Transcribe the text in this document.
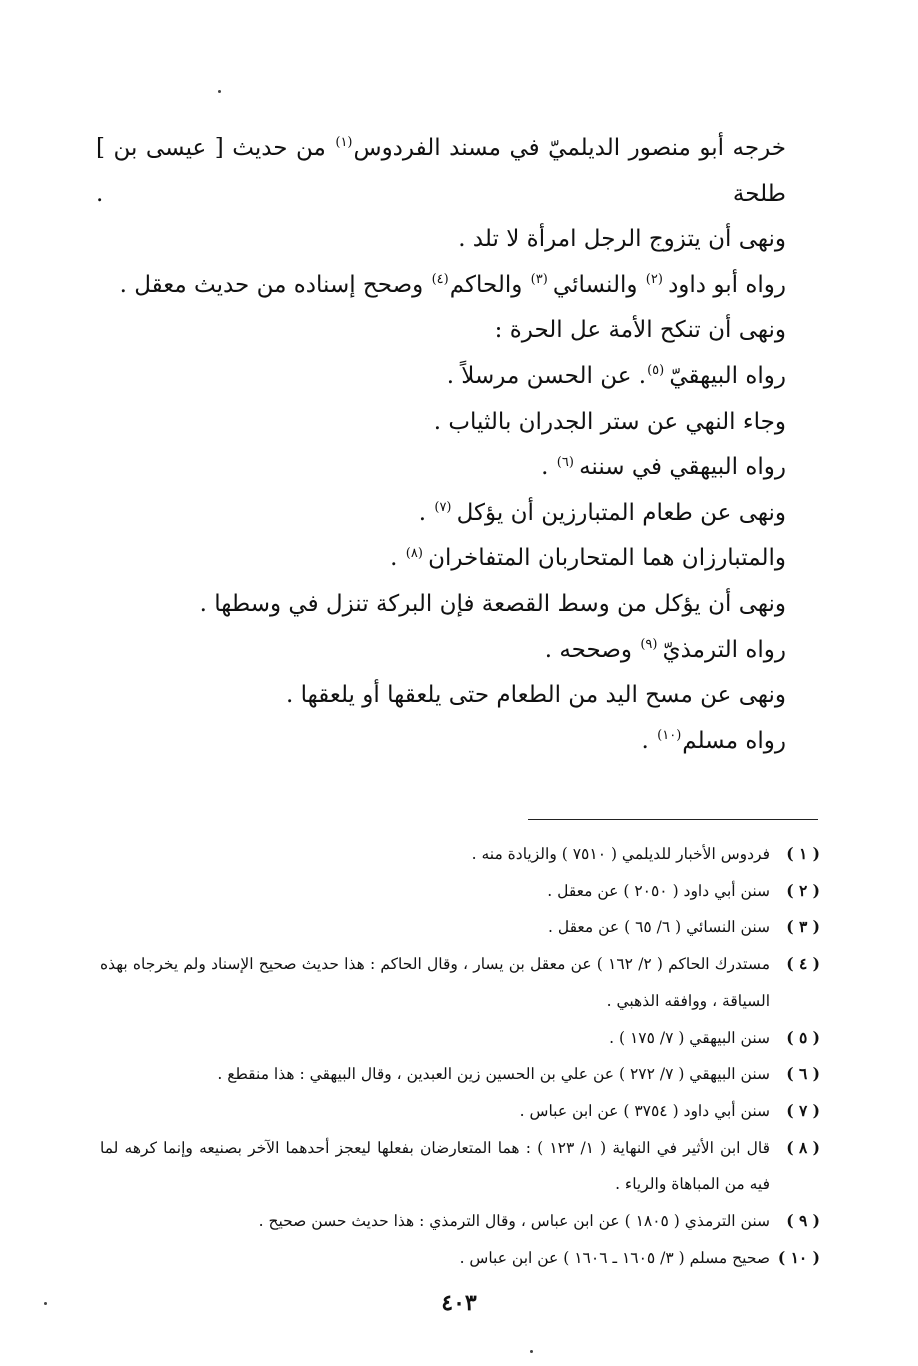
خرجه أبو منصور الديلميّ في مسند الفردوس$^{(١)}$ من حديث [ عيسى بن ] طلحة .
ونهى أن يتزوج الرجل امرأة لا تلد .
رواه أبو داود $^{(٢)}$ والنسائي $^{(٣)}$ والحاكم$^{(٤)}$ وصحح إسناده من حديث معقل .
ونهى أن تنكح الأمة عل الحرة :
رواه البيهقيّ $^{(٥)}$. عن الحسن مرسلاً .
وجاء النهي عن ستر الجدران بالثياب .
رواه البيهقي في سننه $^{(٦)}$ .
ونهى عن طعام المتبارزين أن يؤكل $^{(٧)}$ .
والمتبارزان هما المتحاربان المتفاخران $^{(٨)}$ .
ونهى أن يؤكل من وسط القصعة فإن البركة تنزل في وسطها .
رواه الترمذيّ $^{(٩)}$ وصححه .
ونهى عن مسح اليد من الطعام حتى يلعقها أو يلعقها .
رواه مسلم$^{(١٠)}$ .
( ١ )
فردوس الأخبار للديلمي ( ٧٥١٠ ) والزيادة منه .
( ٢ )
سنن أبي داود ( ٢٠٥٠ ) عن معقل .
( ٣ )
سنن النسائي ( ٦/ ٦٥ ) عن معقل .
( ٤ )
مستدرك الحاكم ( ٢/ ١٦٢ ) عن معقل بن يسار ، وقال الحاكم : هذا حديث صحيح الإسناد ولم يخرجاه بهذه السياقة ، ووافقه الذهبي .
( ٥ )
سنن البيهقي ( ٧/ ١٧٥ ) .
( ٦ )
سنن البيهقي ( ٧/ ٢٧٢ ) عن علي بن الحسين زين العبدين ، وقال البيهقي : هذا منقطع .
( ٧ )
سنن أبي داود ( ٣٧٥٤ ) عن ابن عباس .
( ٨ )
قال ابن الأثير في النهاية ( ١/ ١٢٣ ) : هما المتعارضان بفعلها ليعجز أحدهما الآخر بصنيعه وإنما كرهه لما فيه من المباهاة والرياء .
( ٩ )
سنن الترمذي ( ١٨٠٥ ) عن ابن عباس ، وقال الترمذي : هذا حديث حسن صحيح .
( ١٠ )
صحيح مسلم ( ٣/ ١٦٠٥ ـ ١٦٠٦ ) عن ابن عباس .
٤٠٣
